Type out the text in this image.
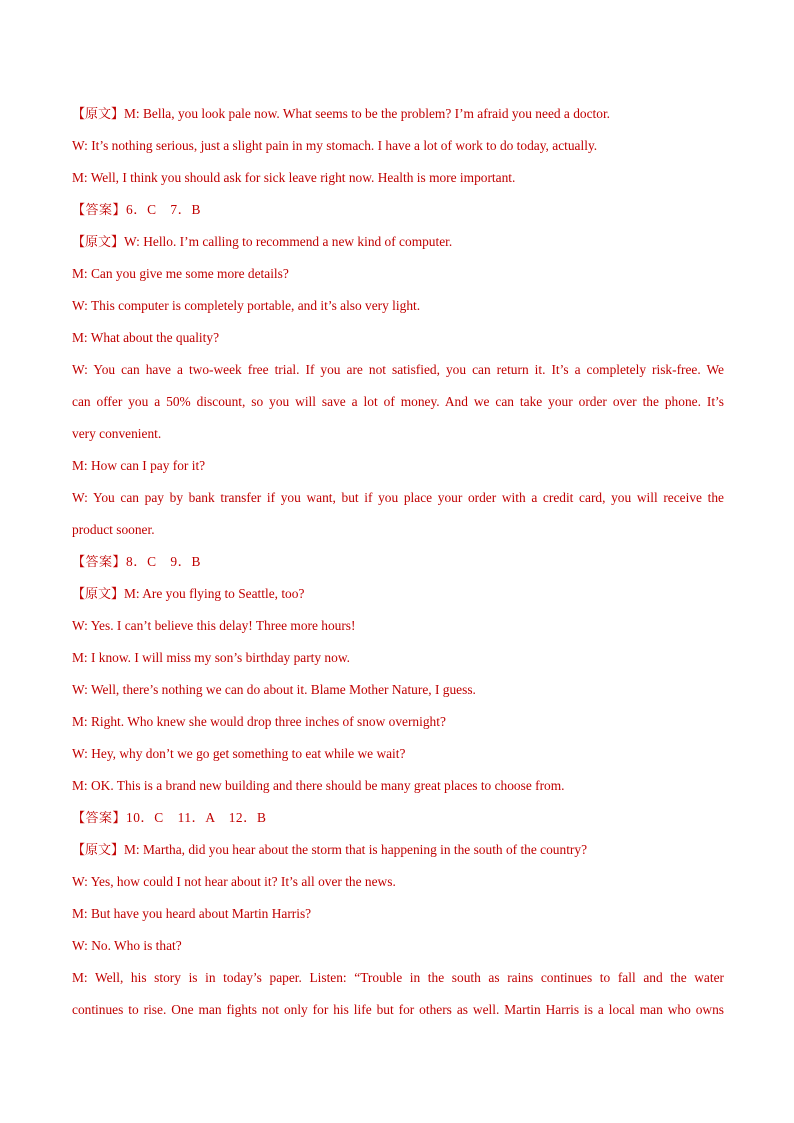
【原文】M: Bella, you look pale now. What seems to be the problem? I’m afraid you need a doctor.
W: It’s nothing serious, just a slight pain in my stomach. I have a lot of work to do today, actually.
M: Well, I think you should ask for sick leave right now. Health is more important.
【答案】6．C　7．B
【原文】W: Hello. I’m calling to recommend a new kind of computer.
M: Can you give me some more details?
W: This computer is completely portable, and it’s also very light.
M: What about the quality?
W: You can have a two-week free trial. If you are not satisfied, you can return it. It’s a completely risk-free. We
can offer you a 50% discount, so you will save a lot of money. And we can take your order over the phone. It’s
very convenient.
M: How can I pay for it?
W: You can pay by bank transfer if you want, but if you place your order with a credit card, you will receive the
product sooner.
【答案】8．C　9．B
【原文】M: Are you flying to Seattle, too?
W: Yes. I can’t believe this delay! Three more hours!
M: I know. I will miss my son’s birthday party now.
W: Well, there’s nothing we can do about it. Blame Mother Nature, I guess.
M: Right. Who knew she would drop three inches of snow overnight?
W: Hey, why don’t we go get something to eat while we wait?
M: OK. This is a brand new building and there should be many great places to choose from.
【答案】10．C　11．A　12．B
【原文】M: Martha, did you hear about the storm that is happening in the south of the country?
W: Yes, how could I not hear about it? It’s all over the news.
M: But have you heard about Martin Harris?
W: No. Who is that?
M: Well, his story is in today’s paper. Listen: “Trouble in the south as rains continues to fall and the water
continues to rise. One man fights not only for his life but for others as well. Martin Harris is a local man who owns
